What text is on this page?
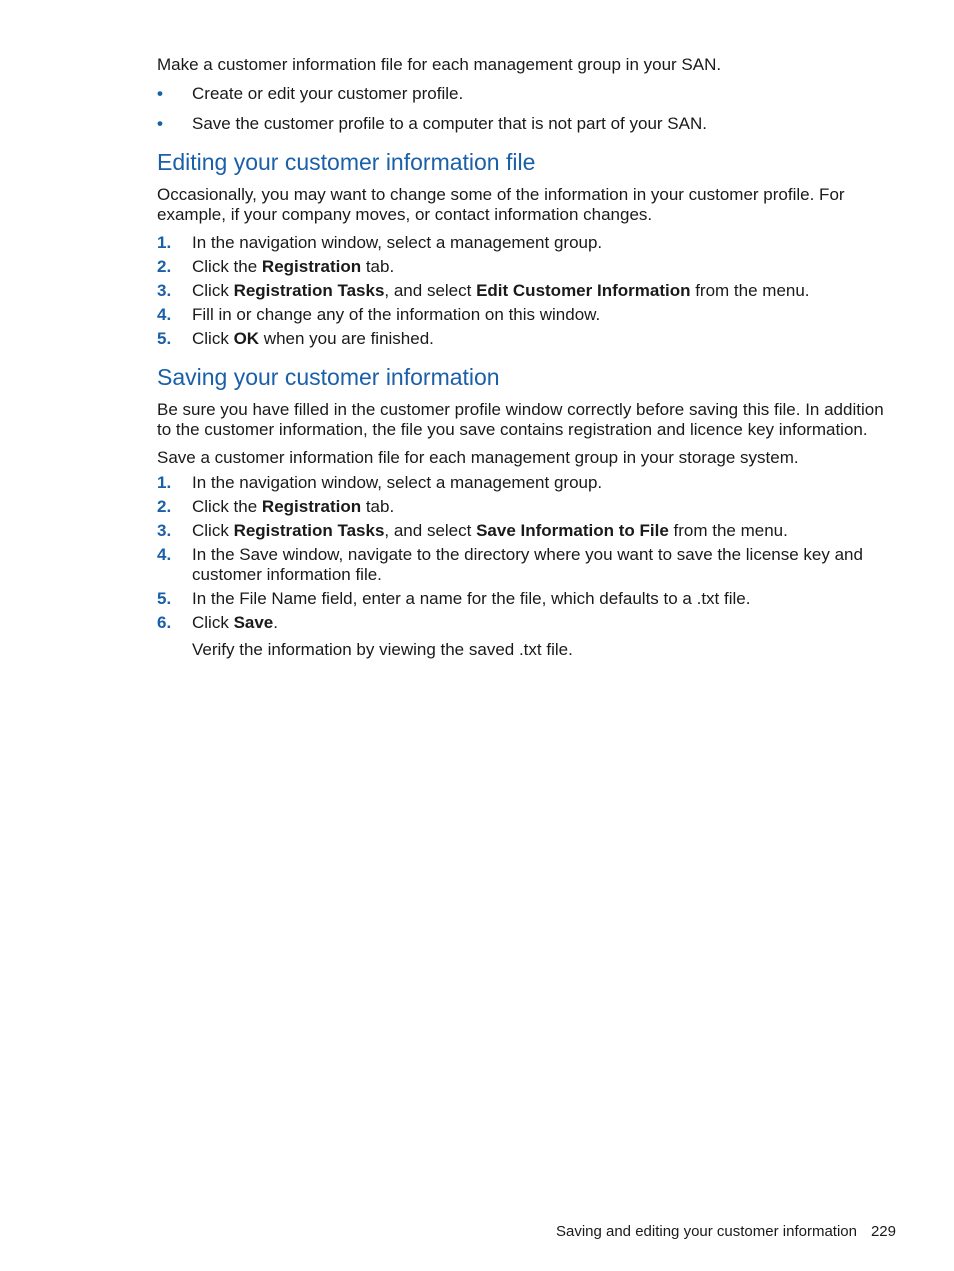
Make a customer information file for each management group in your SAN.

• Create or edit your customer profile.
• Save the customer profile to a computer that is not part of your SAN.
Editing your customer information file

Occasionally, you may want to change some of the information in your customer profile. For example, if your company moves, or contact information changes.

1. In the navigation window, select a management group.
2. Click the Registration tab.
3. Click Registration Tasks, and select Edit Customer Information from the menu.
4. Fill in or change any of the information on this window.
5. Click OK when you are finished.
Saving your customer information

Be sure you have filled in the customer profile window correctly before saving this file. In addition to the customer information, the file you save contains registration and licence key information.

Save a customer information file for each management group in your storage system.

1. In the navigation window, select a management group.
2. Click the Registration tab.
3. Click Registration Tasks, and select Save Information to File from the menu.
4. In the Save window, navigate to the directory where you want to save the license key and customer information file.
5. In the File Name field, enter a name for the file, which defaults to a .txt file.
6. Click Save.

Verify the information by viewing the saved .txt file.

Saving and editing your customer information 229
